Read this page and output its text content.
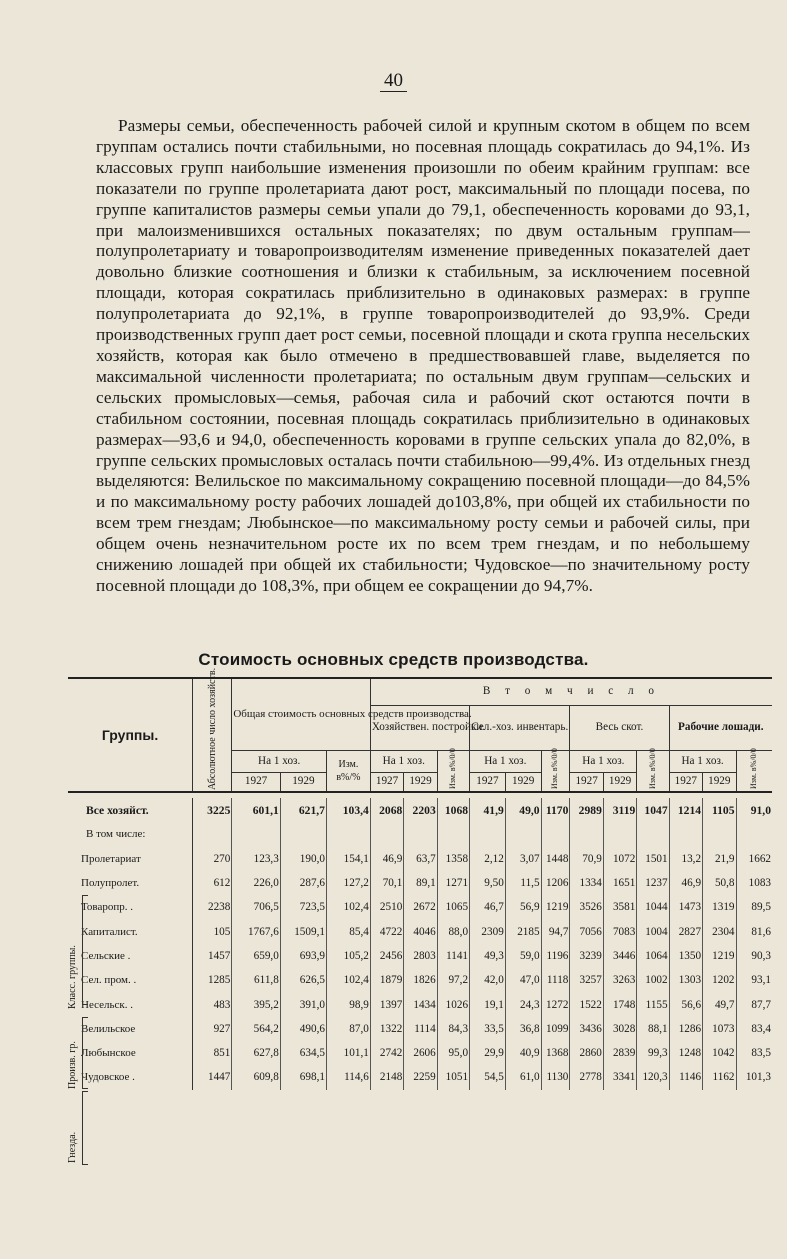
40

Размеры семьи, обеспеченность рабочей силой и крупным скотом в общем по всем группам остались почти стабильными, но посевная площадь сократилась до 94,1%. Из классовых групп наибольшие изменения произошли по обеим крайним группам: все показатели по группе пролетариата дают рост, максимальный по площади посева, по группе капиталистов размеры семьи упали до 79,1, обеспеченность коровами до 93,1, при малоизменившихся остальных показателях; по двум остальным группам—полупролетариату и товаропроизводителям изменение приведенных показателей дает довольно близкие соотношения и близки к стабильным, за исключением посевной площади, которая сократилась приблизительно в одинаковых размерах: в группе полупролетариата до 92,1%, в группе товаропроизводителей до 93,9%. Среди производственных групп дает рост семьи, посевной площади и скота группа несельских хозяйств, которая как было отмечено в предшествовавшей главе, выделяется по максимальной численности пролетариата; по остальным двум группам—сельских и сельских промысловых—семья, рабочая сила и рабочий скот остаются почти в стабильном состоянии, посевная площадь сократилась приблизительно в одинаковых размерах—93,6 и 94,0, обеспеченность коровами в группе сельских упала до 82,0%, в группе сельских промысловых осталась почти стабильною—99,4%. Из отдельных гнезд выделяются: Велильское по максимальному сокращению посевной площади—до 84,5% и по максимальному росту рабочих лошадей до103,8%, при общей их стабильности по всем трем гнездам; Любынское—по максимальному росту семьи и рабочей силы, при общем очень незначительном росте их по всем трем гнездам, и по небольшему снижению лошадей при общей их стабильности; Чудовское—по значительному росту посевной площади до 108,3%, при общем ее сокращении до 94,7%.

Стоимость основных средств производства.
Группы.	Абсолютное число хозяйств.	Общая стоимость основных средств производства.			В т о м ч и с л о											
					Хозяйствен. постройки.			Сел.-хоз. инвентарь.			Весь скот.			Рабочие лошади.		
		На 1 хоз.		Изм. в%/%	На 1 хоз.		Изм. в%/0/0	На 1 хоз.		Изм. в%/0/0	На 1 хоз.		Изм. в%/0/0	На 1 хоз.		Изм. в%/0/0

		1927	1929		1927	1929		1927	1929		1927	1929		1927	1929	

Все хозяйст.	3225	601,1	621,7	103,4	2068	2203	1068	41,9	49,0	1170	2989	3119	1047	1214	1105	91,0
В том числе:																
Пролетариат	270	123,3	190,0	154,1	46,9	63,7	1358	2,12	3,07	1448	70,9	1072	1501	13,2	21,9	1662
Полупролет.	612	226,0	287,6	127,2	70,1	89,1	1271	9,50	11,5	1206	1334	1651	1237	46,9	50,8	1083
Товаропр. .	2238	706,5	723,5	102,4	2510	2672	1065	46,7	56,9	1219	3526	3581	1044	1473	1319	89,5
Капиталист.	105	1767,6	1509,1	85,4	4722	4046	88,0	2309	2185	94,7	7056	7083	1004	2827	2304	81,6
Сельские .	1457	659,0	693,9	105,2	2456	2803	1141	49,3	59,0	1196	3239	3446	1064	1350	1219	90,3
Сел. пром. .	1285	611,8	626,5	102,4	1879	1826	97,2	42,0	47,0	1118	3257	3263	1002	1303	1202	93,1
Несельск. .	483	395,2	391,0	98,9	1397	1434	1026	19,1	24,3	1272	1522	1748	1155	56,6	49,7	87,7
Велильское	927	564,2	490,6	87,0	1322	1114	84,3	33,5	36,8	1099	3436	3028	88,1	1286	1073	83,4
Любынское	851	627,8	634,5	101,1	2742	2606	95,0	29,9	40,9	1368	2860	2839	99,3	1248	1042	83,5
Чудовское .	1447	609,8	698,1	114,6	2148	2259	1051	54,5	61,0	1130	2778	3341	120,3	1146	1162	101,3
Класс. группы.
Произв. гр.
Гнезда.
